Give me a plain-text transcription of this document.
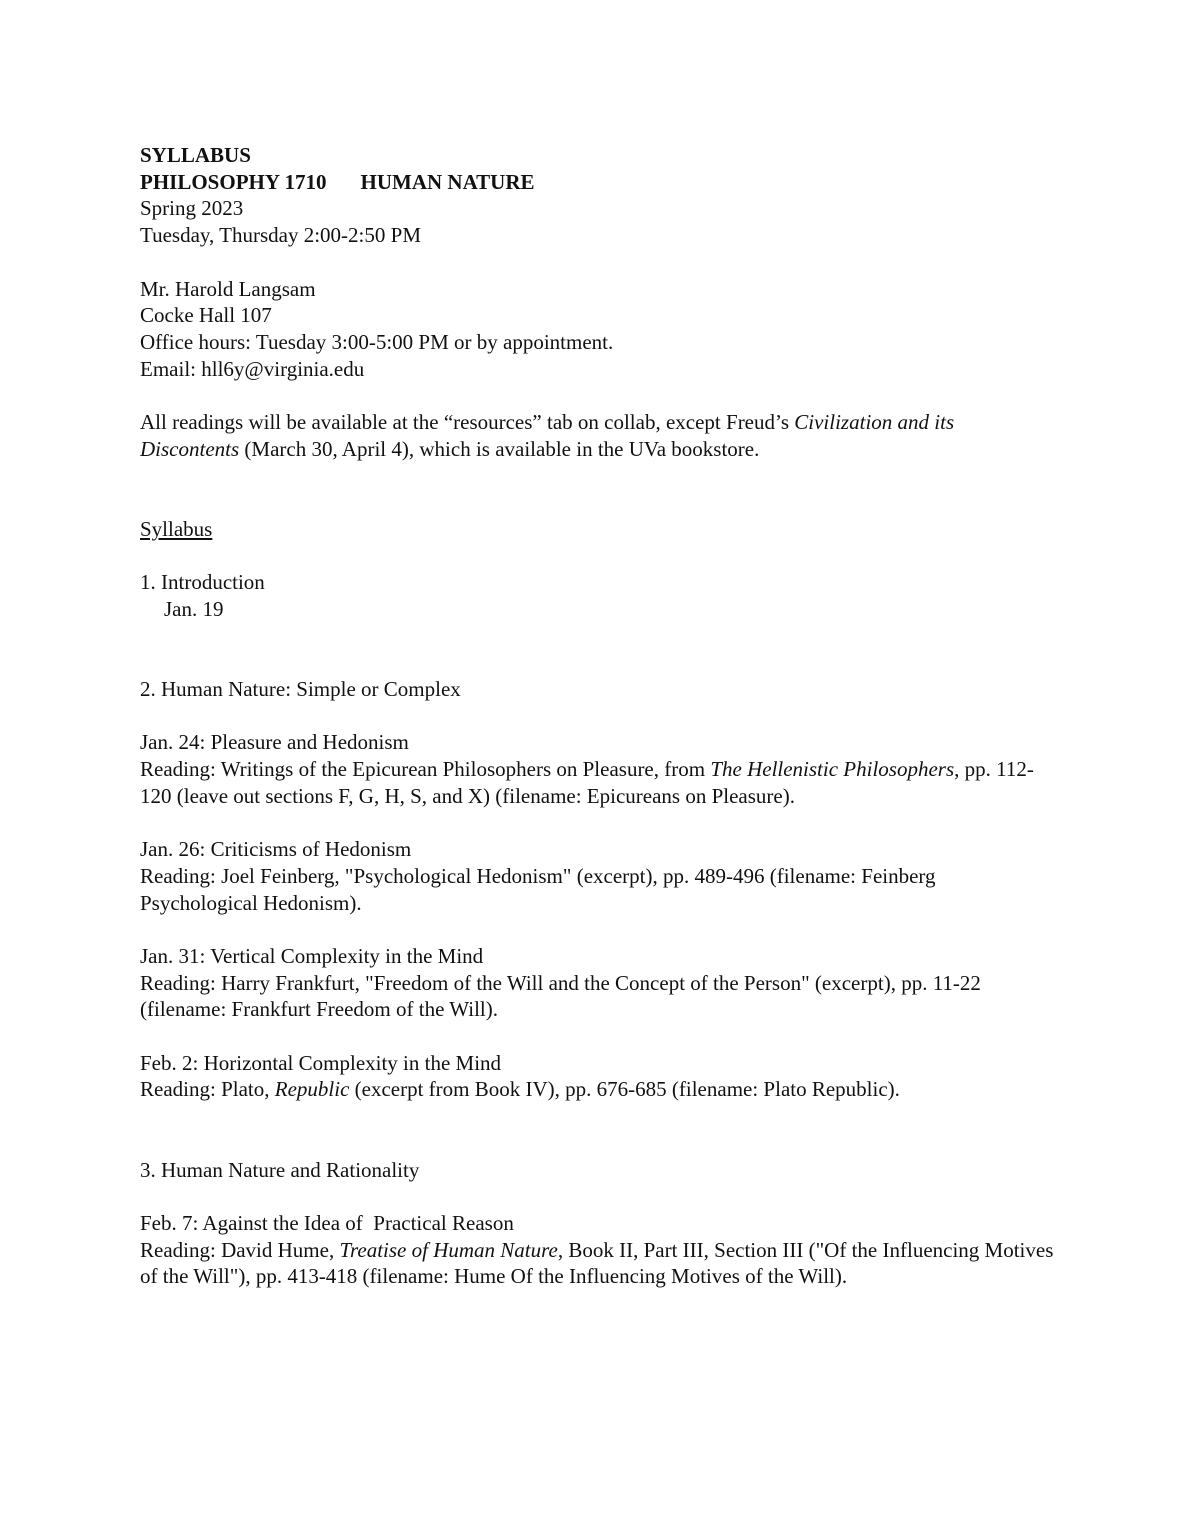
SYLLABUS
PHILOSOPHY 1710 HUMAN NATURE
Spring 2023
Tuesday, Thursday 2:00-2:50 PM
Mr. Harold Langsam
Cocke Hall 107
Office hours: Tuesday 3:00-5:00 PM or by appointment.
Email: hll6y@virginia.edu

All readings will be available at the “resources” tab on collab, except Freud’s Civilization and its Discontents (March 30, April 4), which is available in the UVa bookstore.

Syllabus
1. Introduction
Jan. 19
2. Human Nature: Simple or Complex
Jan. 24: Pleasure and Hedonism

Reading: Writings of the Epicurean Philosophers on Pleasure, from The Hellenistic Philosophers, pp. 112-120 (leave out sections F, G, H, S, and X) (filename: Epicureans on Pleasure).

Jan. 26: Criticisms of Hedonism

Reading: Joel Feinberg, "Psychological Hedonism" (excerpt), pp. 489-496 (filename: Feinberg Psychological Hedonism).

Jan. 31: Vertical Complexity in the Mind

Reading: Harry Frankfurt, "Freedom of the Will and the Concept of the Person" (excerpt), pp. 11-22 (filename: Frankfurt Freedom of the Will).

Feb. 2: Horizontal Complexity in the Mind

Reading: Plato, Republic (excerpt from Book IV), pp. 676-685 (filename: Plato Republic).

3. Human Nature and Rationality
Feb. 7: Against the Idea of  Practical Reason

Reading: David Hume, Treatise of Human Nature, Book II, Part III, Section III ("Of the Influencing Motives of the Will"), pp. 413-418 (filename: Hume Of the Influencing Motives of the Will).
